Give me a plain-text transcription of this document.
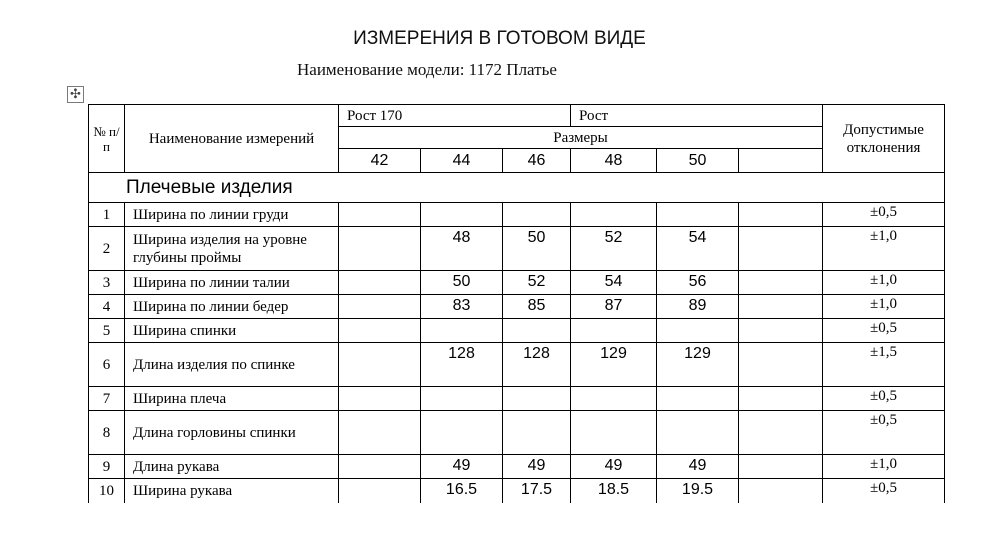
ИЗМЕРЕНИЯ В ГОТОВОМ ВИДЕ
Наименование модели: 1172 Платье
✣
№ п/ п	Наименование измерений	Рост 170			Рост			Допустимые отклонения
		Размеры						
		42	44	46	48	50		
Плечевые изделия								
1	Ширина по линии груди							±0,5
2	Ширина изделия на уровне глубины проймы		48	50	52	54		±1,0
3	Ширина по линии талии		50	52	54	56		±1,0
4	Ширина по линии бедер		83	85	87	89		±1,0
5	Ширина спинки							±0,5
6	Длина изделия по спинке		128	128	129	129		±1,5
7	Ширина плеча							±0,5
8	Длина горловины спинки							±0,5
9	Длина рукава		49	49	49	49		±1,0
10	Ширина рукава		16.5	17.5	18.5	19.5		±0,5
